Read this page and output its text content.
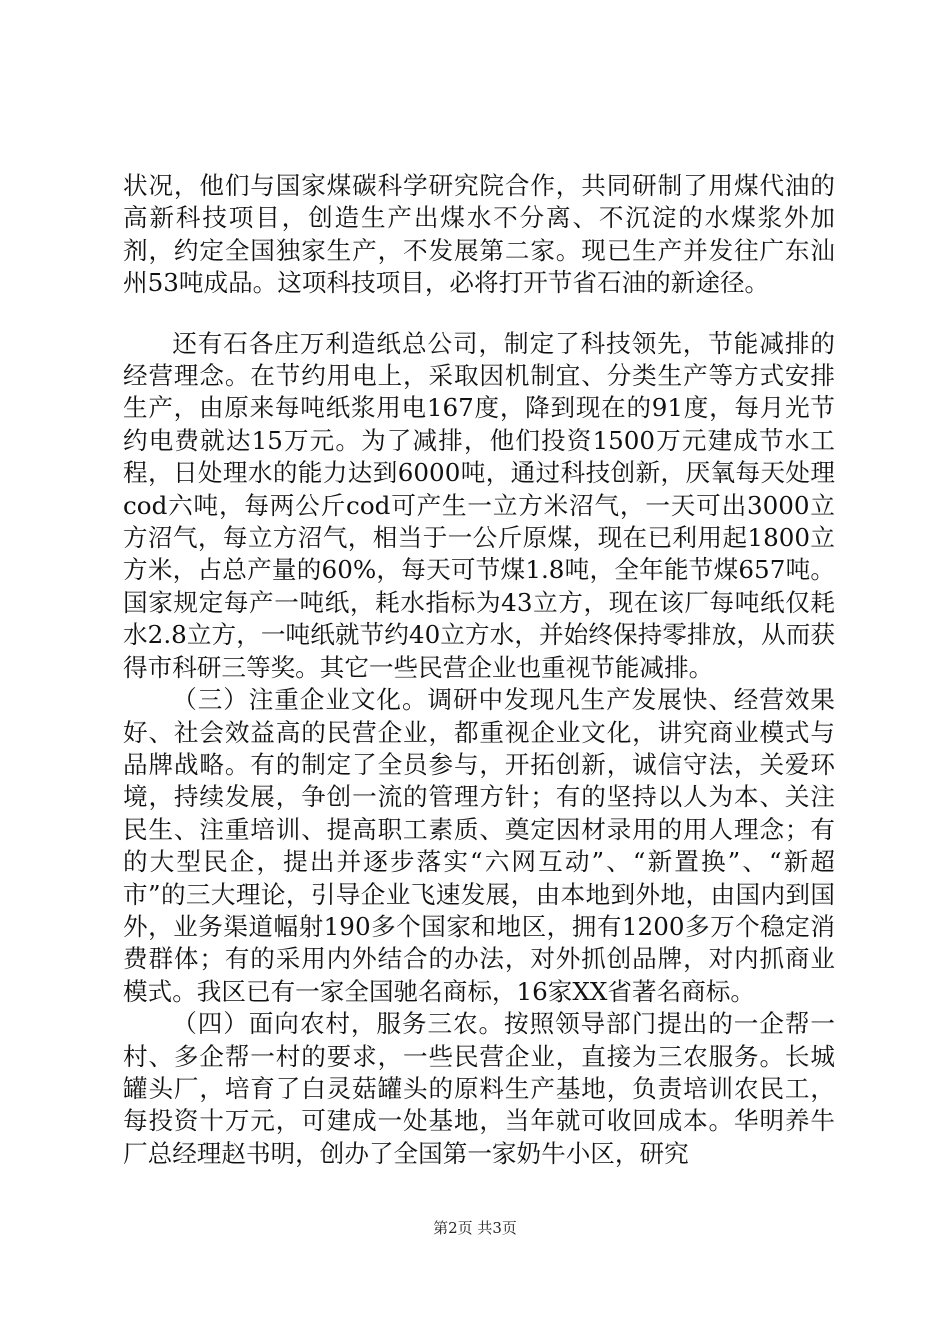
状况，他们与国家煤碳科学研究院合作，共同研制了用煤代油的高新科技项目，创造生产出煤水不分离、不沉淀的水煤浆外加剂，约定全国独家生产，不发展第二家。现已生产并发往广东汕州53吨成品。这项科技项目，必将打开节省石油的新途径。

还有石各庄万利造纸总公司，制定了科技领先，节能减排的经营理念。在节约用电上，采取因机制宜、分类生产等方式安排生产，由原来每吨纸浆用电167度，降到现在的91度，每月光节约电费就达15万元。为了减排，他们投资1500万元建成节水工程，日处理水的能力达到6000吨，通过科技创新，厌氧每天处理cod六吨，每两公斤cod可产生一立方米沼气，一天可出3000立方沼气，每立方沼气，相当于一公斤原煤，现在已利用起1800立方米，占总产量的60%，每天可节煤1.8吨，全年能节煤657吨。国家规定每产一吨纸，耗水指标为43立方，现在该厂每吨纸仅耗水2.8立方，一吨纸就节约40立方水，并始终保持零排放，从而获得市科研三等奖。其它一些民营企业也重视节能减排。

（三）注重企业文化。调研中发现凡生产发展快、经营效果好、社会效益高的民营企业，都重视企业文化，讲究商业模式与品牌战略。有的制定了全员参与，开拓创新，诚信守法，关爱环境，持续发展，争创一流的管理方针；有的坚持以人为本、关注民生、注重培训、提高职工素质、奠定因材录用的用人理念；有的大型民企，提出并逐步落实“六网互动”、“新置换”、“新超市”的三大理论，引导企业飞速发展，由本地到外地，由国内到国外，业务渠道幅射190多个国家和地区，拥有1200多万个稳定消费群体；有的采用内外结合的办法，对外抓创品牌，对内抓商业模式。我区已有一家全国驰名商标，16家XX省著名商标。

（四）面向农村，服务三农。按照领导部门提出的一企帮一村、多企帮一村的要求，一些民营企业，直接为三农服务。长城罐头厂，培育了白灵菇罐头的原料生产基地，负责培训农民工，每投资十万元，可建成一处基地，当年就可收回成本。华明养牛厂总经理赵书明，创办了全国第一家奶牛小区，研究

第2页 共3页
